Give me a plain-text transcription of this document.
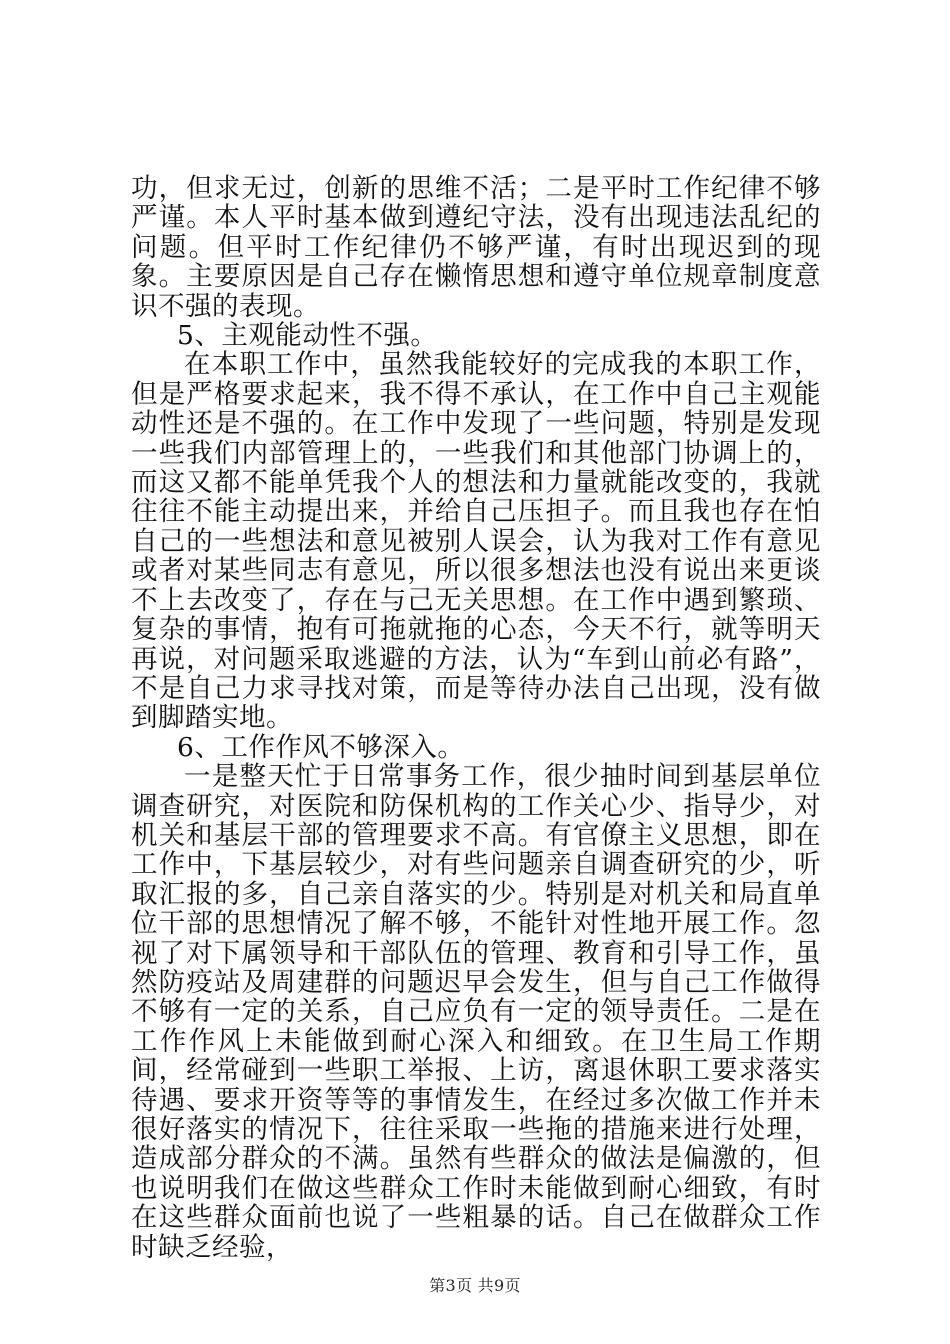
功，但求无过，创新的思维不活；二是平时工作纪律不够严谨。本人平时基本做到遵纪守法，没有出现违法乱纪的问题。但平时工作纪律仍不够严谨，有时出现迟到的现象。主要原因是自己存在懒惰思想和遵守单位规章制度意识不强的表现。

5、主观能动性不强。

在本职工作中，虽然我能较好的完成我的本职工作，但是严格要求起来，我不得不承认，在工作中自己主观能动性还是不强的。在工作中发现了一些问题，特别是发现一些我们内部管理上的，一些我们和其他部门协调上的，而这又都不能单凭我个人的想法和力量就能改变的，我就往往不能主动提出来，并给自己压担子。而且我也存在怕自己的一些想法和意见被别人误会，认为我对工作有意见或者对某些同志有意见，所以很多想法也没有说出来更谈不上去改变了，存在与己无关思想。在工作中遇到繁琐、复杂的事情，抱有可拖就拖的心态，今天不行，就等明天再说，对问题采取逃避的方法，认为“车到山前必有路”，不是自己力求寻找对策，而是等待办法自己出现，没有做到脚踏实地。

6、工作作风不够深入。

一是整天忙于日常事务工作，很少抽时间到基层单位调查研究，对医院和防保机构的工作关心少、指导少，对机关和基层干部的管理要求不高。有官僚主义思想，即在工作中，下基层较少，对有些问题亲自调查研究的少，听取汇报的多，自己亲自落实的少。特别是对机关和局直单位干部的思想情况了解不够，不能针对性地开展工作。忽视了对下属领导和干部队伍的管理、教育和引导工作，虽然防疫站及周建群的问题迟早会发生，但与自己工作做得不够有一定的关系，自己应负有一定的领导责任。二是在工作作风上未能做到耐心深入和细致。在卫生局工作期间，经常碰到一些职工举报、上访，离退休职工要求落实待遇、要求开资等等的事情发生，在经过多次做工作并未很好落实的情况下，往往采取一些拖的措施来进行处理，造成部分群众的不满。虽然有些群众的做法是偏激的，但也说明我们在做这些群众工作时未能做到耐心细致，有时在这些群众面前也说了一些粗暴的话。自己在做群众工作时缺乏经验，

第3页 共9页
